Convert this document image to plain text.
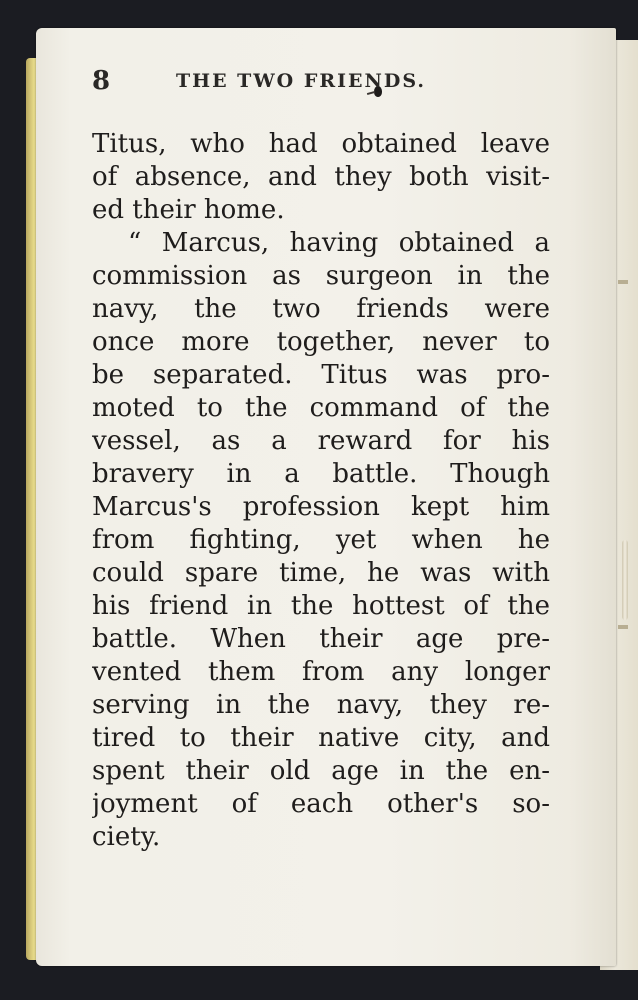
8	THE TWO FRIENDS.
Titus, who had obtained leave
of absence, and they both visit-
ed their home.
“ Marcus, having obtained a
commission as surgeon in the
navy, the two friends were
once more together, never to
be separated. Titus was pro-
moted to the command of the
vessel, as a reward for his
bravery in a battle. Though
Marcus's profession kept him
from fighting, yet when he
could spare time, he was with
his friend in the hottest of the
battle. When their age pre-
vented them from any longer
serving in the navy, they re-
tired to their native city, and
spent their old age in the en-
joyment of each other's so-
ciety.
